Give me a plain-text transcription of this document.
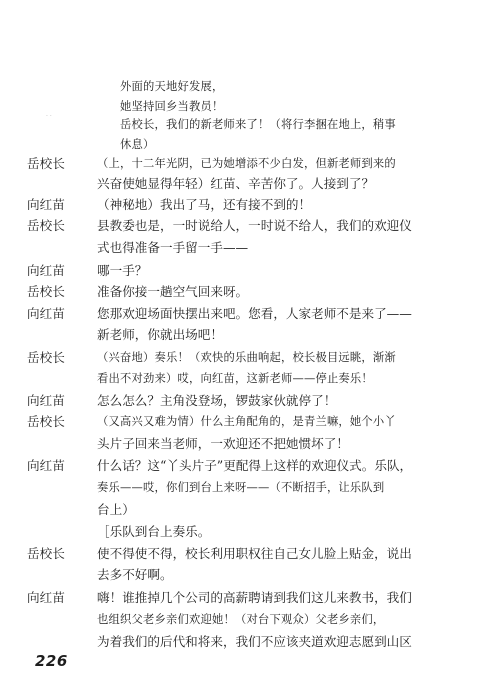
· ·
外面的天地好发展，
她坚持回乡当教员！
岳校长，我们的新老师来了！（将行李捆在地上，稍事
休息）
岳校长	（上，十二年光阴，已为她增添不少白发，但新老师到来的
兴奋使她显得年轻）红苗、辛苦你了。人接到了？
向红苗	（神秘地）我出了马，还有接不到的！
岳校长	县教委也是，一时说给人，一时说不给人，我们的欢迎仪
式也得准备一手留一手——
向红苗	哪一手？
岳校长	准备你接一趟空气回来呀。
向红苗	您那欢迎场面快摆出来吧。您看，人家老师不是来了——
新老师，你就出场吧！
岳校长	（兴奋地）奏乐！（欢快的乐曲响起，校长极目远眺，渐渐
看出不对劲来）哎，向红苗，这新老师——停止奏乐！
向红苗	怎么怎么？主角没登场，锣鼓家伙就停了！
岳校长	（又高兴又难为情）什么主角配角的，是青兰嘛，她个小丫
头片子回来当老师，一欢迎还不把她惯坏了！
向红苗	什么话？这“丫头片子”更配得上这样的欢迎仪式。乐队，
奏乐——哎，你们到台上来呀——（不断招手，让乐队到
台上）
［乐队到台上奏乐。
岳校长	使不得使不得，校长利用职权往自己女儿脸上贴金，说出
去多不好啊。
向红苗	嗨！谁推掉几个公司的高薪聘请到我们这儿来教书，我们
也组织父老乡亲们欢迎她！（对台下观众）父老乡亲们，
为着我们的后代和将来，我们不应该夹道欢迎志愿到山区
226
